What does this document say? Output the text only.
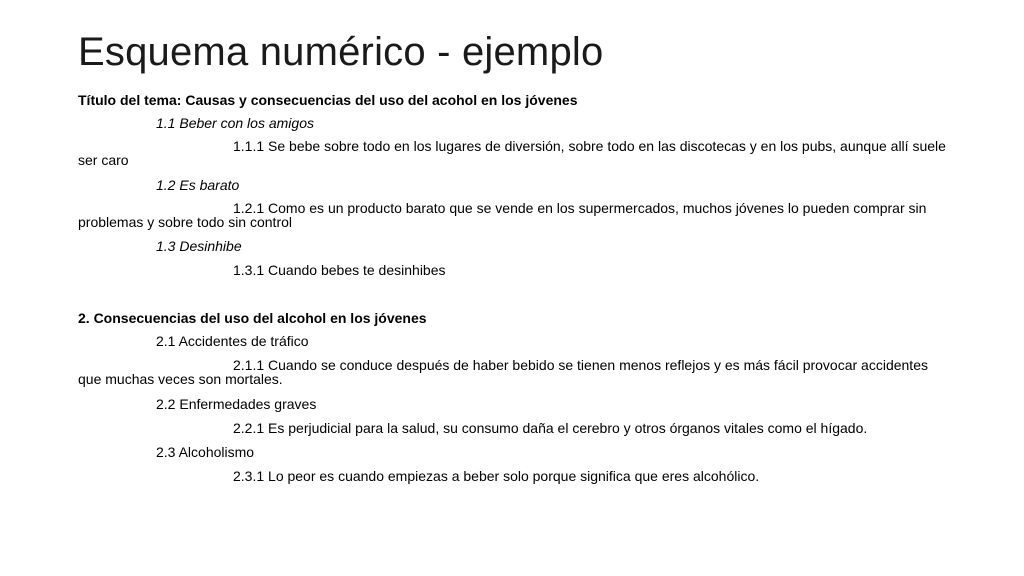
Esquema numérico - ejemplo

Título del tema: Causas y consecuencias del uso del acohol en los jóvenes

1.1 Beber con los amigos

1.1.1 Se bebe sobre todo en los lugares de diversión, sobre todo en las discotecas y en los pubs, aunque allí suele ser caro

1.2 Es barato

1.2.1 Como es un producto barato que se vende en los supermercados, muchos jóvenes lo pueden comprar sin problemas y sobre todo sin control

1.3 Desinhibe

1.3.1 Cuando bebes te desinhibes

2. Consecuencias del uso del alcohol en los jóvenes

2.1 Accidentes de tráfico

2.1.1 Cuando se conduce después de haber bebido se tienen menos reflejos y es más fácil provocar accidentes que muchas veces son mortales.

2.2 Enfermedades graves

2.2.1 Es perjudicial para la salud, su consumo daña el cerebro y otros órganos vitales como el hígado.

2.3 Alcoholismo

2.3.1 Lo peor es cuando empiezas a beber solo porque significa que eres alcohólico.
